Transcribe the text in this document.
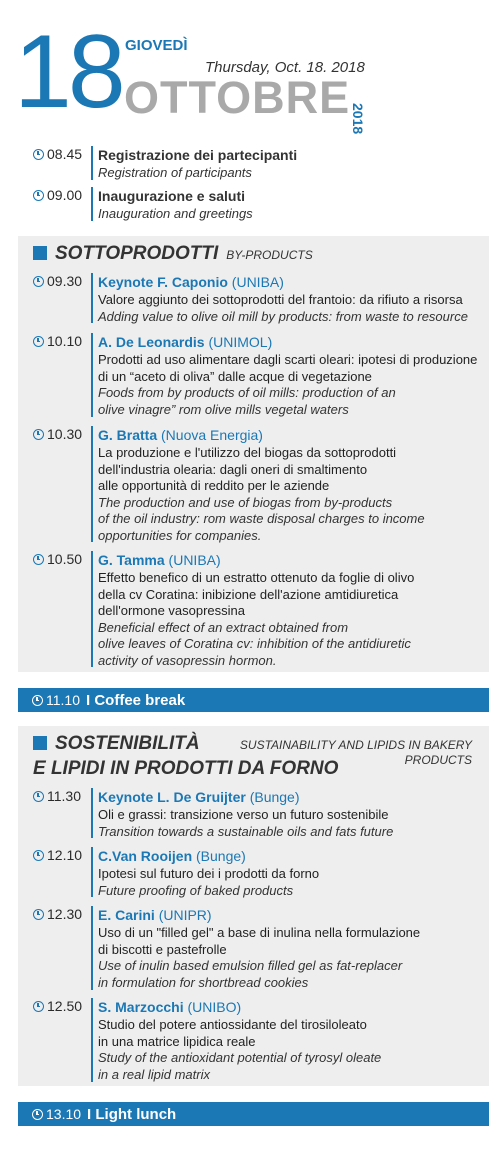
18 GIOVEDÌ
Thursday, Oct. 18. 2018
OTTOBRE 2018
08.45 Registrazione dei partecipanti
Registration of participants
09.00 Inaugurazione e saluti
Inauguration and greetings
SOTTOPRODOTTI BY-PRODUCTS
09.30 Keynote F. Caponio (UNIBA)
Valore aggiunto dei sottoprodotti del frantoio: da rifiuto a risorsa
Adding value to olive oil mill by products: from waste to resource
10.10 A. De Leonardis (UNIMOL)
Prodotti ad uso alimentare dagli scarti oleari: ipotesi di produzione
di un “aceto di oliva” dalle acque di vegetazione
Foods from by products of oil mills: production of an
olive vinagre” rom olive mills vegetal waters
10.30 G. Bratta (Nuova Energia)
La produzione e l'utilizzo del biogas da sottoprodotti
dell'industria olearia: dagli oneri di smaltimento
alle opportunità di reddito per le aziende
The production and use of biogas from by-products
of the oil industry: rom waste disposal charges to income
opportunities for companies.
10.50 G. Tamma (UNIBA)
Effetto benefico di un estratto ottenuto da foglie di olivo
della cv Coratina: inibizione dell'azione amtidiuretica
dell'ormone vasopressina
Beneficial effect of an extract obtained from
olive leaves of Coratina cv: inhibition of the antidiuretic
activity of vasopressin hormon.
11.10 I Coffee break
SOSTENIBILITÀ
E LIPIDI IN PRODOTTI DA FORNO
SUSTAINABILITY AND LIPIDS IN BAKERY
PRODUCTS
11.30 Keynote L. De Gruijter (Bunge)
Oli e grassi: transizione verso un futuro sostenibile
Transition towards a sustainable oils and fats future
12.10 C.Van Rooijen (Bunge)
Ipotesi sul futuro dei i prodotti da forno
Future proofing of baked products
12.30 E. Carini (UNIPR)
Uso di un "filled gel" a base di inulina nella formulazione
di biscotti e pastefrolle
Use of inulin based emulsion filled gel as fat-replacer
in formulation for shortbread cookies
12.50 S. Marzocchi (UNIBO)
Studio del potere antiossidante del tirosiloleato
in una matrice lipidica reale
Study of the antioxidant potential of tyrosyl oleate
in a real lipid matrix
13.10 I Light lunch
